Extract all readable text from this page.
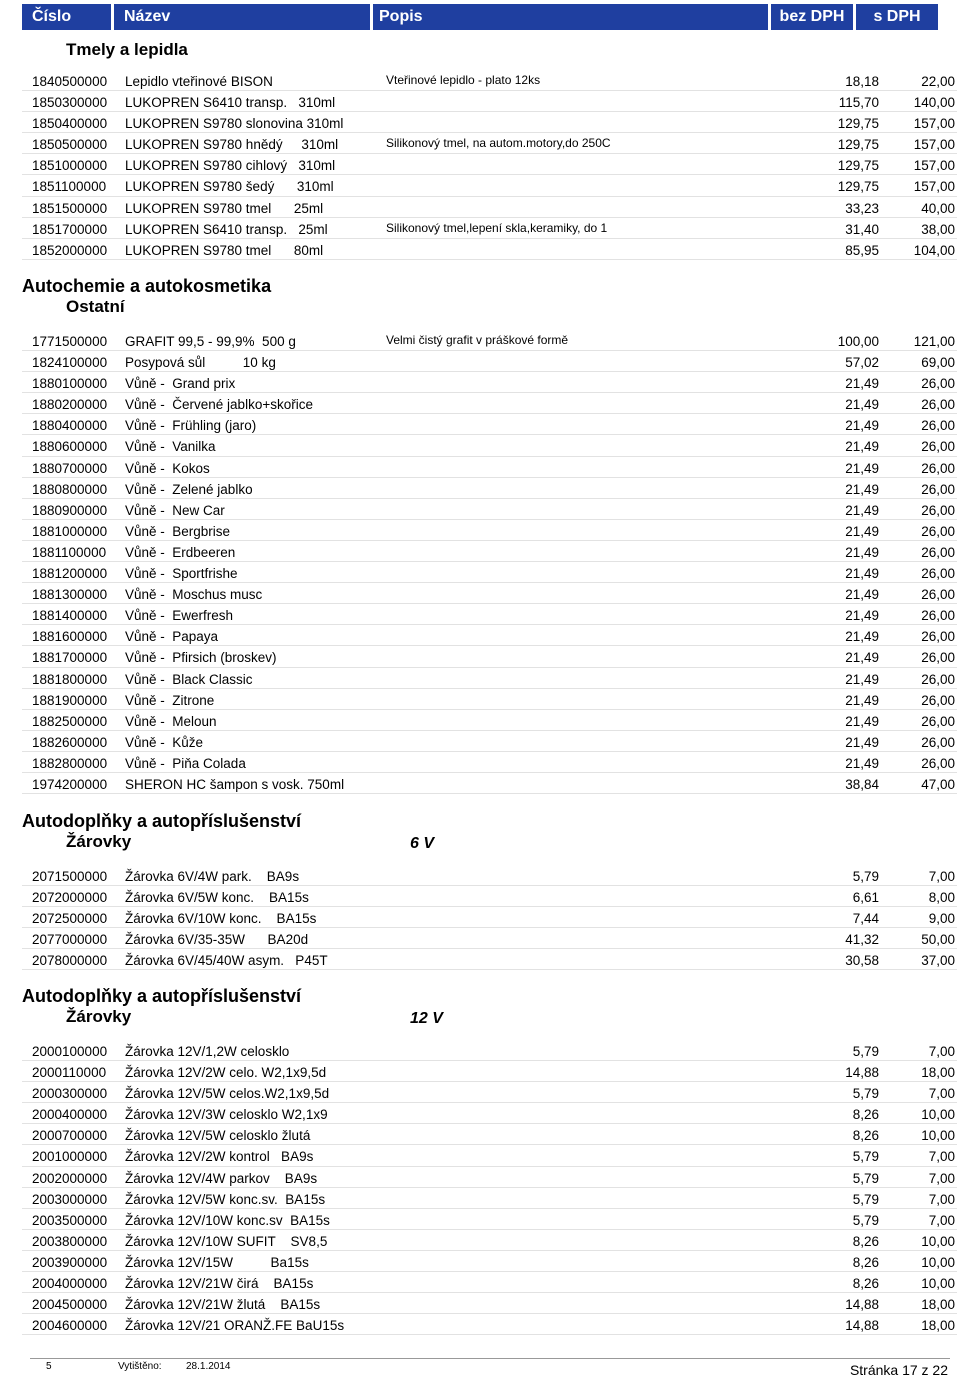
Číslo	Název	Popis	bez DPH	s DPH
Tmely a lepidla
1840500000 Lepidlo vteřinové BISON	Vteřinové lepidlo - plato 12ks	18,18	22,00
1850300000 LUKOPREN S6410 transp.   310ml	115,70	140,00
1850400000 LUKOPREN S9780 slonovina 310ml	129,75	157,00
1850500000 LUKOPREN S9780 hnědý     310ml	Silikonový tmel, na autom.motory,do 250C	129,75	157,00
1851000000 LUKOPREN S9780 cihlový   310ml	129,75	157,00
1851100000 LUKOPREN S9780 šedý      310ml	129,75	157,00
1851500000 LUKOPREN S9780 tmel      25ml	33,23	40,00
1851700000 LUKOPREN S6410 transp.   25ml	Silikonový tmel,lepení skla,keramiky, do 1	31,40	38,00
1852000000 LUKOPREN S9780 tmel      80ml	85,95	104,00
Autochemie a autokosmetika
Ostatní
1771500000 GRAFIT 99,5 - 99,9%  500 g	Velmi čistý grafit v práškové formě	100,00	121,00
1824100000 Posypová sůl          10 kg	57,02	69,00
1880100000 Vůně -  Grand prix	21,49	26,00
1880200000 Vůně -  Červené jablko+skořice	21,49	26,00
1880400000 Vůně -  Frühling (jaro)	21,49	26,00
1880600000 Vůně -  Vanilka	21,49	26,00
1880700000 Vůně -  Kokos	21,49	26,00
1880800000 Vůně -  Zelené jablko	21,49	26,00
1880900000 Vůně -  New Car	21,49	26,00
1881000000 Vůně -  Bergbrise	21,49	26,00
1881100000 Vůně -  Erdbeeren	21,49	26,00
1881200000 Vůně -  Sportfrishe	21,49	26,00
1881300000 Vůně -  Moschus musc	21,49	26,00
1881400000 Vůně -  Ewerfresh	21,49	26,00
1881600000 Vůně -  Papaya	21,49	26,00
1881700000 Vůně -  Pfirsich (broskev)	21,49	26,00
1881800000 Vůně -  Black Classic	21,49	26,00
1881900000 Vůně -  Zitrone	21,49	26,00
1882500000 Vůně -  Meloun	21,49	26,00
1882600000 Vůně -  Kůže	21,49	26,00
1882800000 Vůně -  Piňa Colada	21,49	26,00
1974200000 SHERON HC šampon s vosk. 750ml	38,84	47,00
Autodoplňky a autopříslušenství
Žárovky	6 V
2071500000 Žárovka 6V/4W park.    BA9s	5,79	7,00
2072000000 Žárovka 6V/5W konc.    BA15s	6,61	8,00
2072500000 Žárovka 6V/10W konc.    BA15s	7,44	9,00
2077000000 Žárovka 6V/35-35W      BA20d	41,32	50,00
2078000000 Žárovka 6V/45/40W asym.   P45T	30,58	37,00
Autodoplňky a autopříslušenství
Žárovky	12 V
2000100000 Žárovka 12V/1,2W celosklo	5,79	7,00
2000110000 Žárovka 12V/2W celo. W2,1x9,5d	14,88	18,00
2000300000 Žárovka 12V/5W celos.W2,1x9,5d	5,79	7,00
2000400000 Žárovka 12V/3W celosklo W2,1x9	8,26	10,00
2000700000 Žárovka 12V/5W celosklo žlutá	8,26	10,00
2001000000 Žárovka 12V/2W kontrol   BA9s	5,79	7,00
2002000000 Žárovka 12V/4W parkov    BA9s	5,79	7,00
2003000000 Žárovka 12V/5W konc.sv.  BA15s	5,79	7,00
2003500000 Žárovka 12V/10W konc.sv  BA15s	5,79	7,00
2003800000 Žárovka 12V/10W SUFIT    SV8,5	8,26	10,00
2003900000 Žárovka 12V/15W          Ba15s	8,26	10,00
2004000000 Žárovka 12V/21W čirá    BA15s	8,26	10,00
2004500000 Žárovka 12V/21W žlutá    BA15s	14,88	18,00
2004600000 Žárovka 12V/21 ORANŽ.FE BaU15s	14,88	18,00
5	Vytištěno: 28.1.2014	Stránka 17 z 22
